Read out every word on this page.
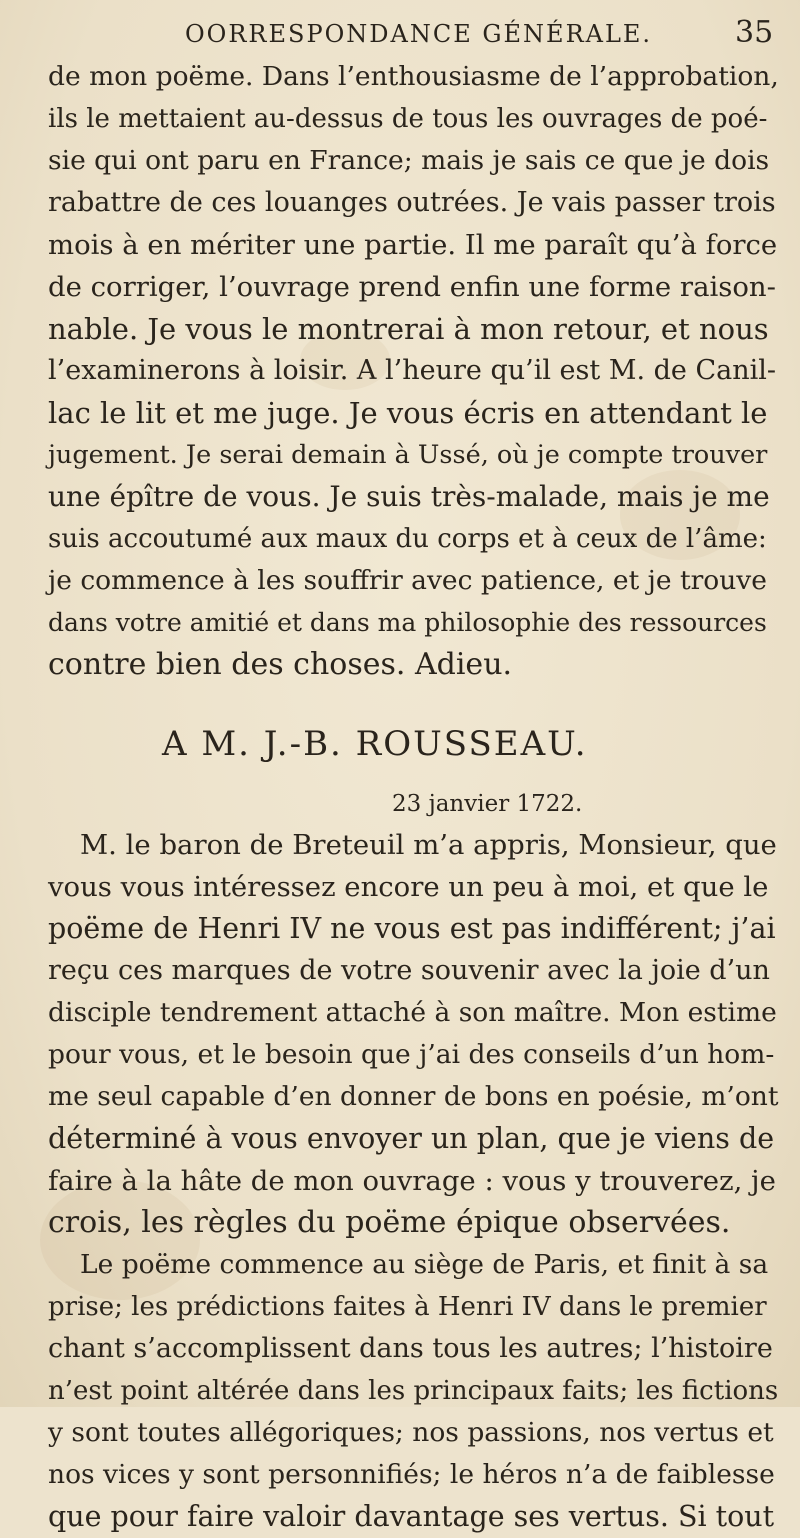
OORRESPONDANCE GÉNÉRALE.	35
de mon poëme. Dans l’enthousiasme de l’approbation,
ils le mettaient au-dessus de tous les ouvrages de poé-
sie qui ont paru en France; mais je sais ce que je dois
rabattre de ces louanges outrées. Je vais passer trois
mois à en mériter une partie. Il me paraît qu’à force
de corriger, l’ouvrage prend enfin une forme raison-
nable. Je vous le montrerai à mon retour, et nous
l’examinerons à loisir. A l’heure qu’il est M. de Canil-
lac le lit et me juge. Je vous écris en attendant le
jugement. Je serai demain à Ussé, où je compte trouver
une épître de vous. Je suis très-malade, mais je me
suis accoutumé aux maux du corps et à ceux de l’âme:
je commence à les souffrir avec patience, et je trouve
dans votre amitié et dans ma philosophie des ressources
contre bien des choses. Adieu.
A M. J.-B. ROUSSEAU.
23 janvier 1722.
M. le baron de Breteuil m’a appris, Monsieur, que
vous vous intéressez encore un peu à moi, et que le
poëme de Henri IV ne vous est pas indifférent; j’ai
reçu ces marques de votre souvenir avec la joie d’un
disciple tendrement attaché à son maître. Mon estime
pour vous, et le besoin que j’ai des conseils d’un hom-
me seul capable d’en donner de bons en poésie, m’ont
déterminé à vous envoyer un plan, que je viens de
faire à la hâte de mon ouvrage : vous y trouverez, je
crois, les règles du poëme épique observées.
Le poëme commence au siège de Paris, et finit à sa
prise; les prédictions faites à Henri IV dans le premier
chant s’accomplissent dans tous les autres; l’histoire
n’est point altérée dans les principaux faits; les fictions
y sont toutes allégoriques; nos passions, nos vertus et
nos vices y sont personnifiés; le héros n’a de faiblesse
que pour faire valoir davantage ses vertus. Si tout
